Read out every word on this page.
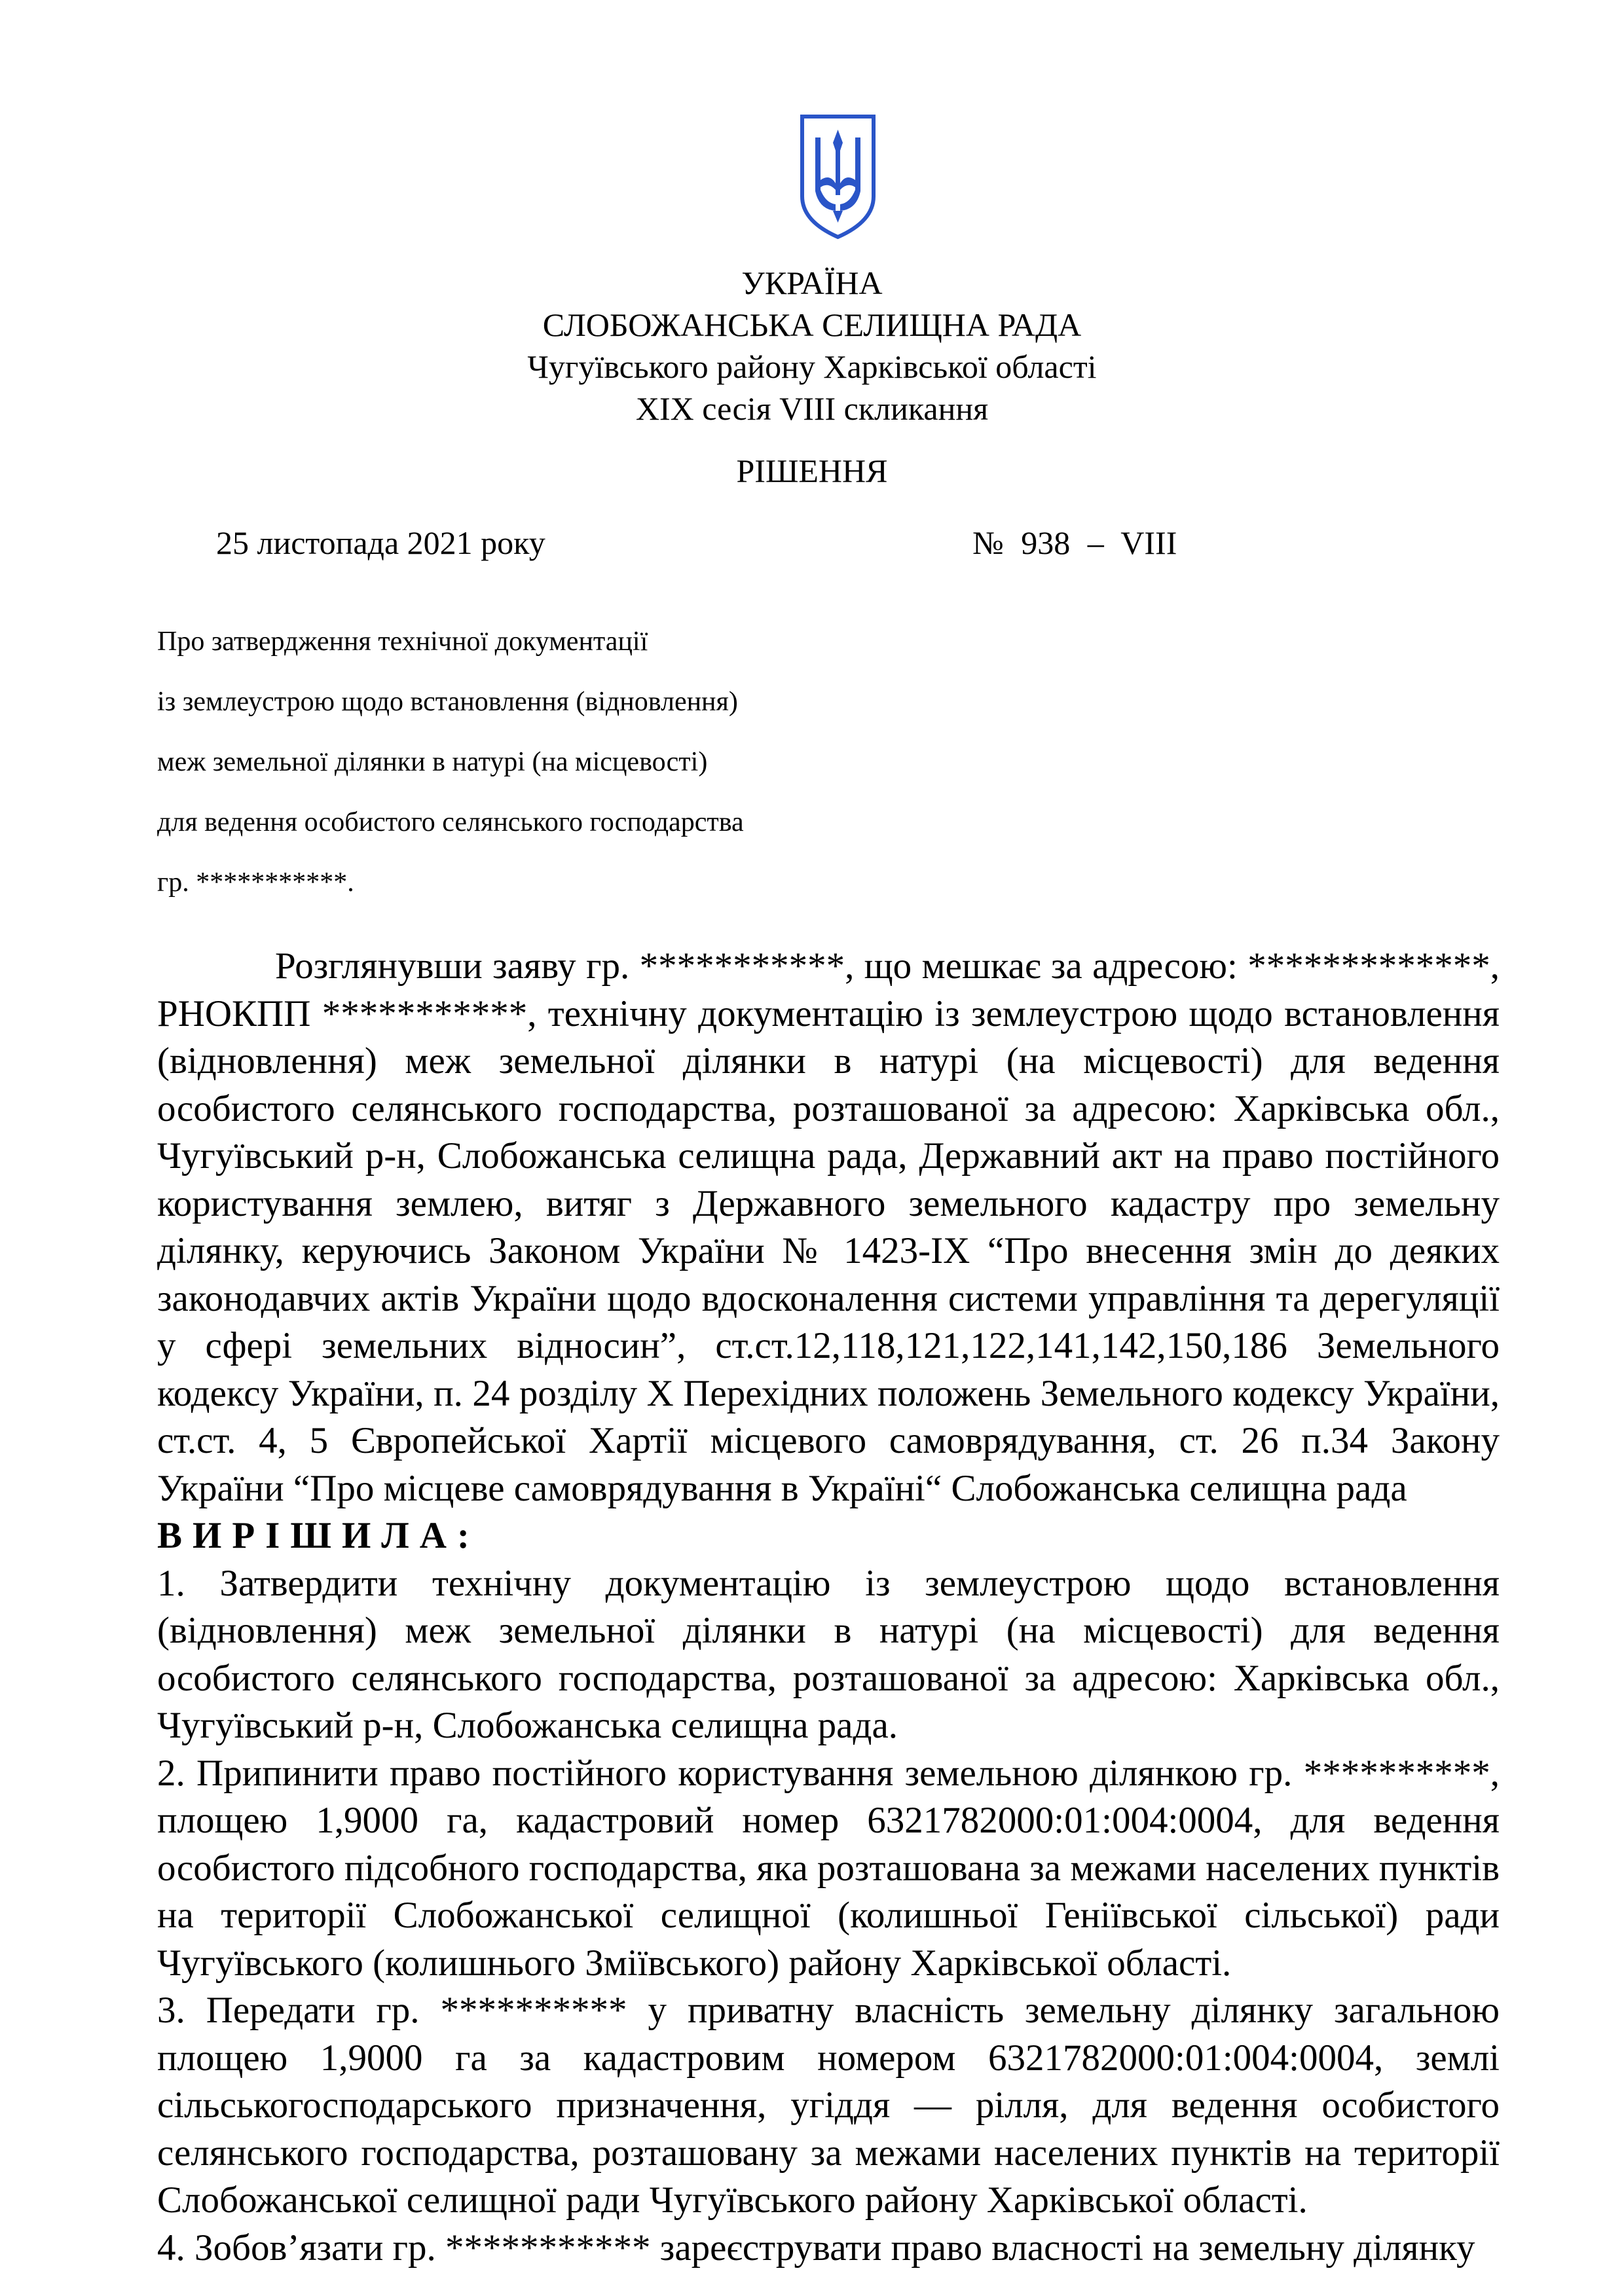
УКРАЇНА
СЛОБОЖАНСЬКА СЕЛИЩНА РАДА
Чугуївського району Харківської області
XIX сесія VIII скликання
РІШЕННЯ
25 листопада 2021 року	№ 938 – VIII
Про затвердження технічної документації
із землеустрою щодо встановлення (відновлення)
меж земельної ділянки в натурі (на місцевості)
для ведення особистого селянського господарства
гр. ***********.

Розглянувши заяву гр. ***********, що мешкає за адресою: *************, РНОКПП ***********, технічну документацію із землеустрою щодо встановлення (відновлення) меж земельної ділянки в натурі (на місцевості) для ведення особистого селянського господарства, розташованої за адресою: Харківська обл., Чугуївський р-н, Слобожанська селищна рада, Державний акт на право постійного користування землею, витяг з Державного земельного кадастру про земельну ділянку, керуючись Законом України № 1423-IX “Про внесення змін до деяких законодавчих актів України щодо вдосконалення системи управління та дерегуляції у сфері земельних відносин”, ст.ст.12,118,121,122,141,142,150,186 Земельного кодексу України, п. 24 розділу Х Перехідних положень Земельного кодексу України, ст.ст. 4, 5 Європейської Хартії місцевого самоврядування, ст. 26 п.34 Закону України “Про місцеве самоврядування в Україні“ Слобожанська селищна рада

ВИРІШИЛА:

1. Затвердити технічну документацію із землеустрою щодо встановлення (відновлення) меж земельної ділянки в натурі (на місцевості) для ведення особистого селянського господарства, розташованої за адресою: Харківська обл., Чугуївський р-н, Слобожанська селищна рада.

2. Припинити право постійного користування земельною ділянкою гр. **********, площею 1,9000 га, кадастровий номер 6321782000:01:004:0004, для ведення особистого підсобного господарства, яка розташована за межами населених пунктів на території Слобожанської селищної (колишньої Геніївської сільської) ради Чугуївського (колишнього Зміївського) району Харківської області.

3. Передати гр. ********** у приватну власність земельну ділянку загальною площею 1,9000 га за кадастровим номером 6321782000:01:004:0004, землі сільськогосподарського призначення, угіддя — рілля, для ведення особистого селянського господарства, розташовану за межами населених пунктів на території Слобожанської селищної ради Чугуївського району Харківської області.

4. Зобов’язати гр. *********** зареєструвати право власності на земельну ділянку
